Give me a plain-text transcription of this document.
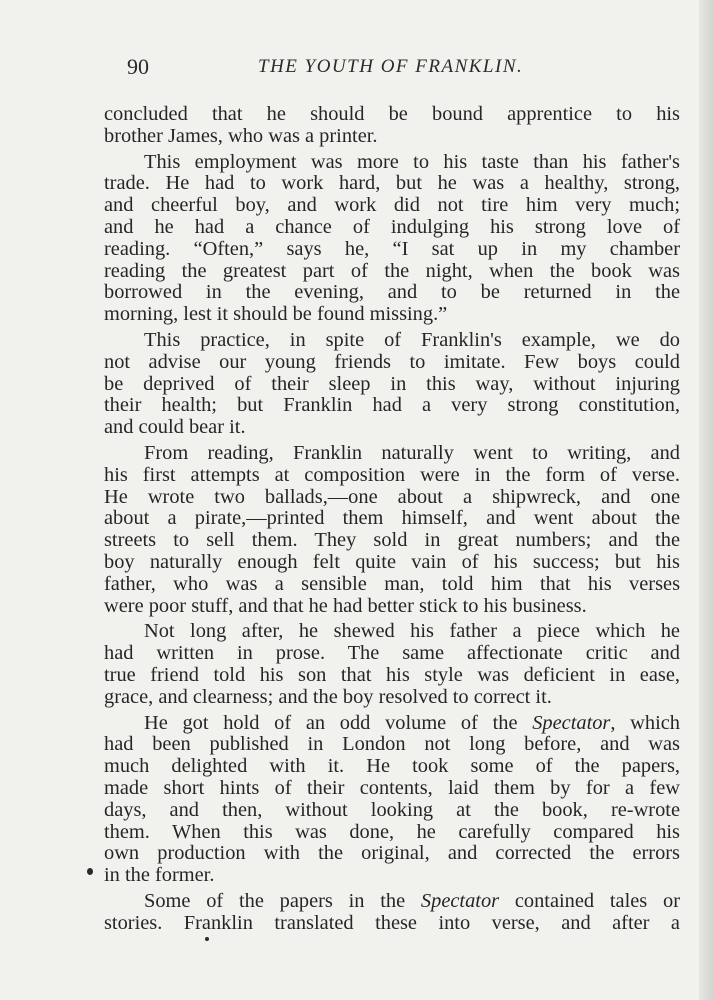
90	THE YOUTH OF FRANKLIN.
concluded that he should be bound apprentice to his
brother James, who was a printer.
This employment was more to his taste than his father's
trade. He had to work hard, but he was a healthy, strong,
and cheerful boy, and work did not tire him very much;
and he had a chance of indulging his strong love of
reading. “Often,” says he, “I sat up in my chamber
reading the greatest part of the night, when the book was
borrowed in the evening, and to be returned in the
morning, lest it should be found missing.”
This practice, in spite of Franklin's example, we do
not advise our young friends to imitate. Few boys could
be deprived of their sleep in this way, without injuring
their health; but Franklin had a very strong constitution,
and could bear it.
From reading, Franklin naturally went to writing, and
his first attempts at composition were in the form of verse.
He wrote two ballads,—one about a shipwreck, and one
about a pirate,—printed them himself, and went about the
streets to sell them. They sold in great numbers; and the
boy naturally enough felt quite vain of his success; but his
father, who was a sensible man, told him that his verses
were poor stuff, and that he had better stick to his business.
Not long after, he shewed his father a piece which he
had written in prose. The same affectionate critic and
true friend told his son that his style was deficient in ease,
grace, and clearness; and the boy resolved to correct it.
He got hold of an odd volume of the Spectator, which
had been published in London not long before, and was
much delighted with it. He took some of the papers,
made short hints of their contents, laid them by for a few
days, and then, without looking at the book, re-wrote
them. When this was done, he carefully compared his
own production with the original, and corrected the errors
in the former.
Some of the papers in the Spectator contained tales or
stories. Franklin translated these into verse, and after a
